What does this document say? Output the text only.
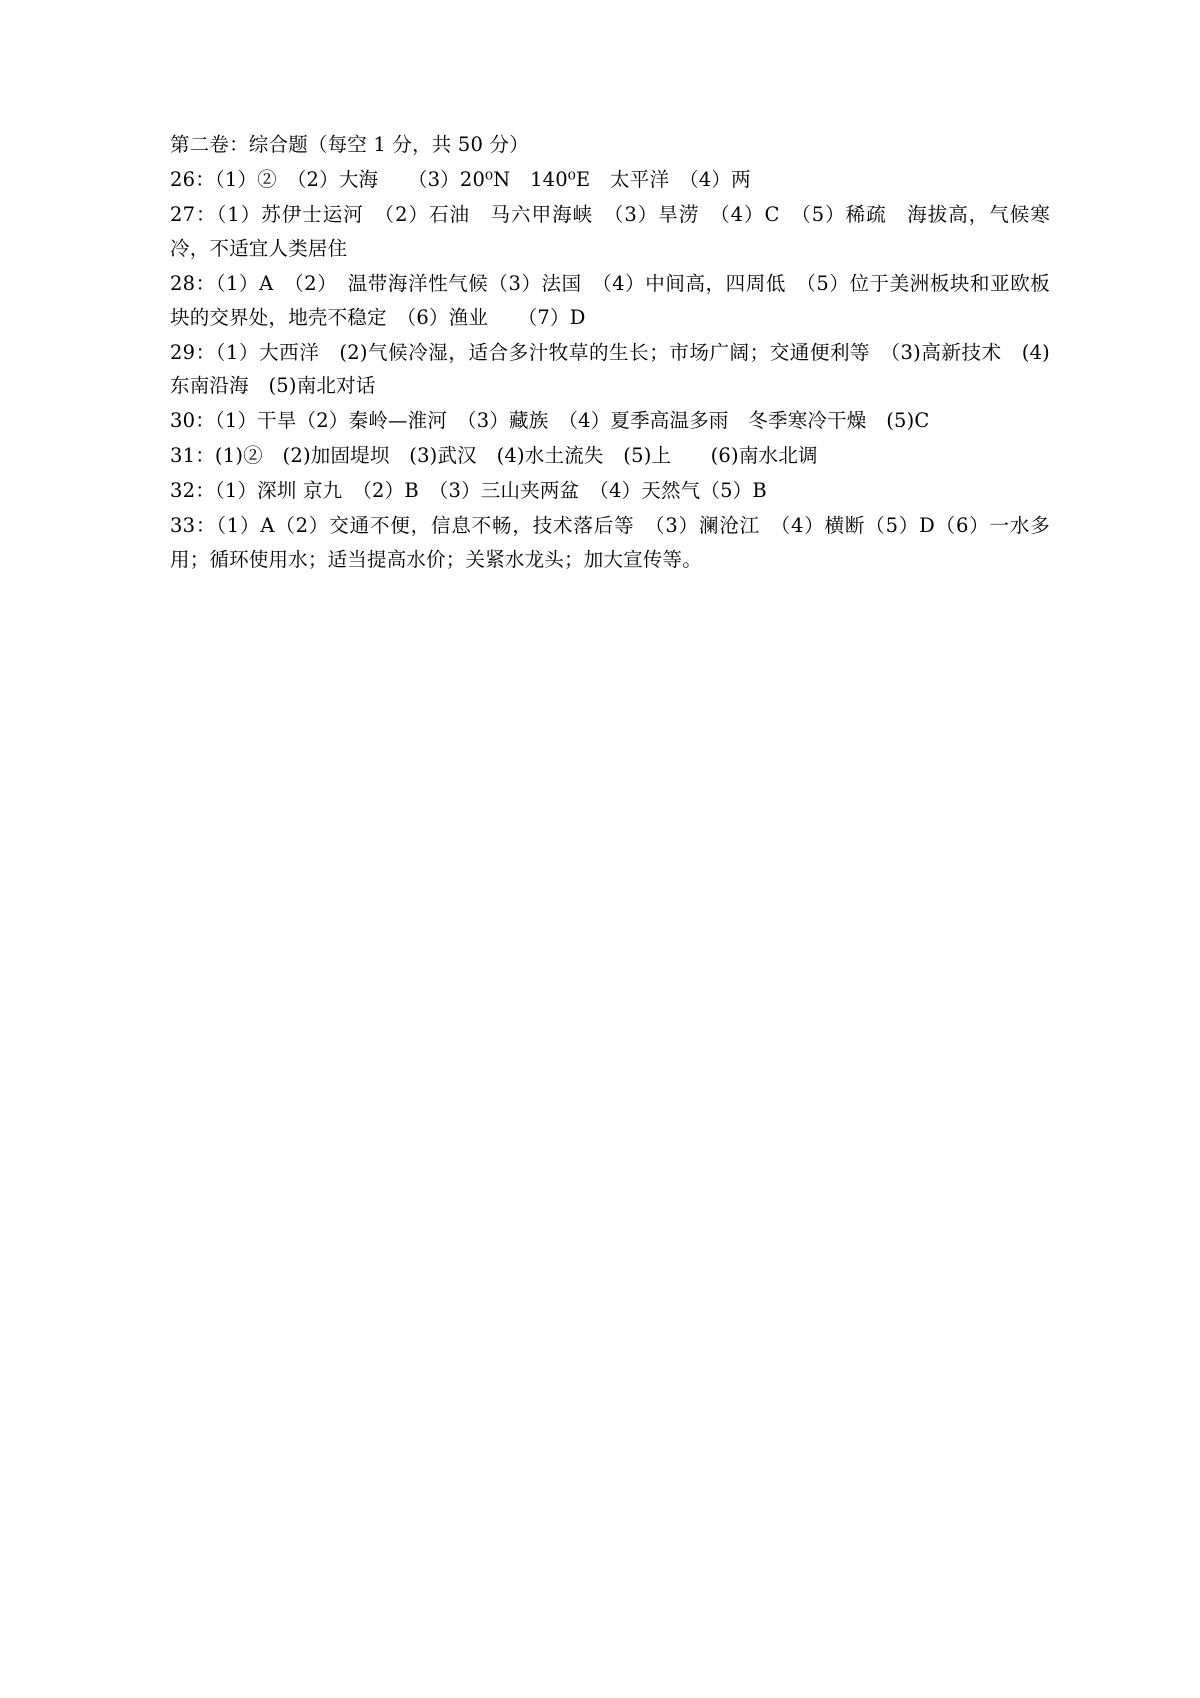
第二卷：综合题（每空 1 分，共 50 分）

26：（1）②　（2）大海　　（3）20⁰N　140⁰E　太平洋　（4）两

27：（1）苏伊士运河　（2）石油　马六甲海峡　（3）旱涝　（4）C　（5）稀疏　海拔高，气候寒冷，不适宜人类居住

28：（1）A　（2）　温带海洋性气候（3）法国　（4）中间高，四周低　（5）位于美洲板块和亚欧板块的交界处，地壳不稳定　（6）渔业　　（7）D

29：（1）大西洋　(2)气候冷湿，适合多汁牧草的生长；市场广阔；交通便利等　（3)高新技术　(4)东南沿海　(5)南北对话

30：（1）干旱（2）秦岭—淮河　（3）藏族　（4）夏季高温多雨　冬季寒冷干燥　(5)C

31：(1)②　(2)加固堤坝　(3)武汉　(4)水土流失　(5)上　　(6)南水北调

32：（1）深圳 京九　（2）B　（3）三山夹两盆　（4）天然气（5）B

33：（1）A（2）交通不便，信息不畅，技术落后等　（3）澜沧江　（4）横断（5）D（6）一水多用；循环使用水；适当提高水价；关紧水龙头；加大宣传等。
